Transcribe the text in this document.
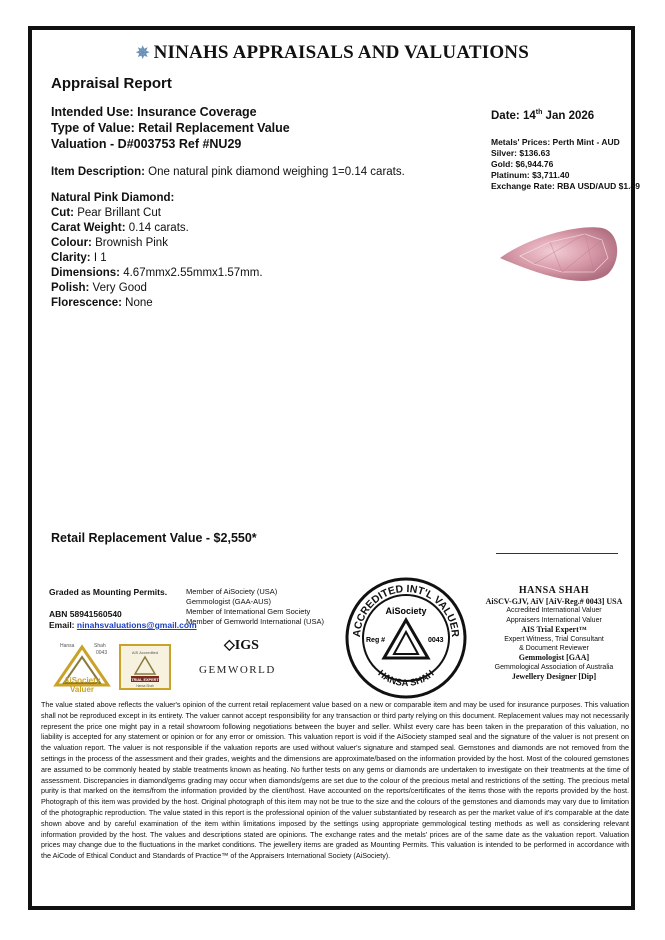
✵ NINAHS APPRAISALS AND VALUATIONS
Appraisal Report
Date: 14th Jan 2026
Intended Use: Insurance Coverage
Type of Value: Retail Replacement Value
Valuation - D#003753 Ref #NU29	Metals' Prices: Perth Mint - AUD
Silver: $136.63
Gold: $6,944.76
Platinum: $3,711.40
Exchange Rate: RBA USD/AUD $1.49
Item Description: One natural pink diamond weighing 1=0.14 carats.
Natural Pink Diamond:
Cut: Pear Brillant Cut
Carat Weight: 0.14 carats.
Colour: Brownish Pink
Clarity: I 1
Dimensions: 4.67mmx2.55mmx1.57mm.
Polish: Very Good
Florescence: None
Retail Replacement Value - $2,550*
Graded as Mounting Permits.
ABN 58941560540
Email: ninahsvaluations@gmail.com
Member of AiSociety (USA)
Gemmologist (GAA-AUS)
Member of International Gem Society
Member of Gemworld International (USA)
Hansa	Shah
0043
AiSociety
Valuer
AIS Accredited
TRIAL EXPERT
Hansa Shah
◇IGS
GEMWORLD
ACCREDITED INT'L VALUER
HANSA SHAH
AiSociety
Reg #	0043
HANSA SHAH
AiSCV-GJV, AiV [AiV-Reg.# 0043] USA
Accredited International Valuer
Appraisers International Valuer
AIS Trial Expert™
Expert Witness, Trial Consultant
& Document Reviewer
Gemmologist [GAA]
Gemmological Association of Australia
Jewellery Designer [Dip]
The value stated above reflects the valuer's opinion of the current retail replacement value based on a new or comparable item and may be used for insurance purposes. This valuation shall not be reproduced except in its entirety. The valuer cannot accept responsibility for any transaction or third party relying on this document. Replacement values may not necessarily represent the price one might pay in a retail showroom following negotiations between the buyer and seller. Whilst every care has been taken in the preparation of this valuation, no liability is accepted for any statement or opinion or for any error or omission. This valuation report is void if the AiSociety stamped seal and the signature of the valuer is not present on the valuation report. The valuer is not responsible if the valuation reports are used without valuer's signature and stamped seal. Gemstones and diamonds are not removed from the settings in the process of the assessment and their grades, weights and the dimensions are approximate/based on the information provided by the host. Most of the coloured gemstones are assumed to be commonly heated by stable treatments known as heating. No further tests on any gems or diamonds are undertaken to investigate on their treatments at the time of assessment. Discrepancies in diamond/gems grading may occur when diamonds/gems are set due to the colour of the precious metal and restrictions of the setting. The precious metal purity is that marked on the items/from the information provided by the client/host. Have accounted on the reports/certificates of the items those with the reports provided by the host. Photograph of this item was provided by the host. Original photograph of this item may not be true to the size and the colours of the gemstones and diamonds may vary due to limitation of the photographic reproduction. The value stated in this report is the professional opinion of the valuer substantiated by research as per the market value of it's comparable at the date shown above and by careful examination of the item within limitations imposed by the settings using appropriate gemmological testing methods as well as considering relevant information provided by the host. The values and descriptions stated are opinions. The exchange rates and the metals' prices are of the same date as the valuation report. Valuation prices may change due to the fluctuations in the market conditions. The jewellery items are graded as Mounting Permits. This valuation is intended to be performed in accordance with the AiCode of Ethical Conduct and Standards of Practice™ of the Appraisers International Society (AiSociety).
